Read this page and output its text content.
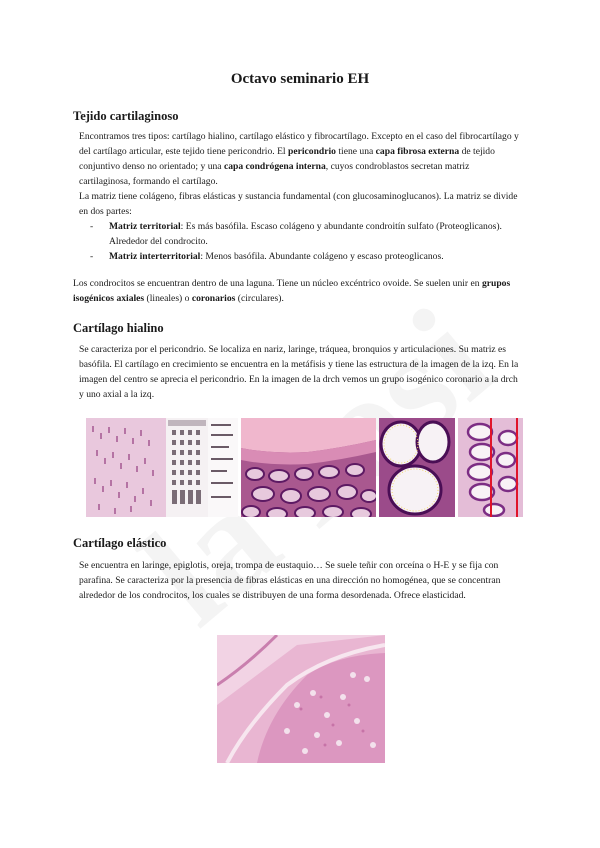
Octavo seminario EH
Tejido cartilaginoso

Encontramos tres tipos: cartílago hialino, cartílago elástico y fibrocartílago. Excepto en el caso del fibrocartílago y del cartílago articular, este tejido tiene pericondrio. El pericondrio tiene una capa fibrosa externa de tejido conjuntivo denso no orientado; y una capa condrógena interna, cuyos condroblastos secretan matriz cartilaginosa, formando el cartílago.

La matriz tiene colágeno, fibras elásticas y sustancia fundamental (con glucosaminoglucanos). La matriz se divide en dos partes:

- Matriz territorial: Es más basófila. Escaso colágeno y abundante condroitín sulfato (Proteoglicanos). Alrededor del condrocito.
- Matriz interterritorial: Menos basófila. Abundante colágeno y escaso proteoglicanos.

Los condrocitos se encuentran dentro de una laguna. Tiene un núcleo excéntrico ovoide. Se suelen unir en grupos isogénicos axiales (lineales) o coronarios (circulares).

Cartílago hialino

Se caracteriza por el pericondrio. Se localiza en nariz, laringe, tráquea, bronquios y articulaciones. Su matriz es basófila. El cartílago en crecimiento se encuentra en la metáfisis y tiene las estructura de la imagen de la izq. En la imagen del centro se aprecia el pericondrio. En la imagen de la drch vemos un grupo isogénico coronario a la drch y uno axial a la izq.

Cartílago elástico

Se encuentra en laringe, epiglotis, oreja, trompa de eustaquio… Se suele teñir con orceína o H-E y se fija con parafina. Se caracteriza por la presencia de fibras elásticas en una dirección no homogénea, que se concentran alrededor de los condrocitos, los cuales se distribuyen de una forma desordenada. Ofrece elasticidad.
